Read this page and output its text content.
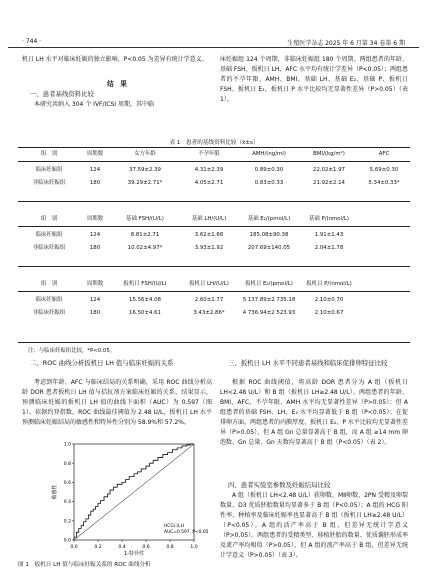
· 744 ·	生殖医学杂志 2025 年 6 月第 34 卷第 6 期
机日 LH 水平对临床妊娠的独立影响，P<0.05 为差异有统计学意义。
结　果
一、患者基线资料比较
本研究共纳入 304 个 IVF/ICSI 周期，其中临
床妊娠组 124 个周期，非临床妊娠组 180 个周期。两组患者的年龄、基础 FSH、扳机日 LH、AFC 水平均有统计学差异（P<0.05）；两组患者的不孕年限、AMH、BMI、基础 LH、基础 E₂、基础 P、扳机日 FSH、扳机日 E₂、扳机日 P 水平比较均无显著性差异（P>0.05）（表 1）。
表 1　患者的基线资料比较（x̄±s）
组　别	周期数	女方年龄	不孕年限	AMH/(ng/ml)	BMI/(kg/m²)	AFC
临床妊娠组	124	37.59±2.39	4.31±2.39	0.89±0.30	22.02±1.97	5.69±0.30
非临床妊娠组	180	39.29±2.71*	4.05±2.71	0.83±0.33	21.92±2.14	5.34±0.33*
组　别	周期数	基础 FSH/(U/L)	基础 LH/(U/L)	基础 E₂/(pmol/L)	基础 P/(nmol/L)
临床妊娠组	124	8.81±2.71	3.62±1.66	185.08±90.38	1.91±1.43
非临床妊娠组	180	10.02±4.97*	3.93±1.92	207.69±140.05	2.04±1.78
组　别	周期数	扳机日 FSH/(U/L)	扳机日 LH/(U/L)	扳机日 E₂/(pmol/L)	扳机日 P/(nmol/L)
临床妊娠组	124	15.56±4.08	2.60±1.77	5 137.89±2 735.18	2.10±0.70
非临床妊娠组	180	16.50±4.61	3.43±2.86*	4 736.94±2 523.93	2.10±0.67
注：与临床妊娠组比较，*P<0.05。
二、ROC 曲线分析扳机日 LH 值与临床妊娠的关系
考虑到年龄、AFC 与临床结局的关系明确，采用 ROC 曲线分析高龄 DOR 患者扳机日 LH 值与拮抗剂方案临床妊娠的关系，结果显示，预测临床妊娠的扳机日 LH 值的曲线下面积（AUC）为 0.597（图 1）。依据约登指数，ROC 曲线最佳阈值为 2.48 U/L，扳机日 LH 水平预测临床妊娠结局的敏感性和特异性分别为 58.9%和 57.2%。
0.0	0.2	0.4	0.6	0.8	1.0
0.0
0.2
0.4
0.6
0.8
1.0
1-特异性
敏感性
HCG日LH
AUC=0.597, P<0.05
图 1　扳机日 LH 值与临床妊娠关系的 ROC 曲线分析
三、扳机日 LH 水平不同患者基线和临床促排卵特征比较
根据 ROC 曲线阈值，将高龄 DOR 患者分为 A 组（扳机日 LH<2.48 U/L）和 B 组（扳机日 LH≥2.48 U/L）。两组患者的年龄、BMI、AFC、不孕年限、AMH 水平均无显著性差异（P>0.05）；但 A 组患者的基础 FSH、LH、E₂ 水平均显著低于 B 组（P<0.05）；在促排卵方面，两组患者的内膜厚度、扳机日 E₂、P 水平比较均无显著性差异（P>0.05），但 A 组 Gn 总量显著高于 B 组，而 A 组 ≥14 mm 卵泡数、Gn 总量、Gn 天数均显著高于 B 组（P<0.05）（表 2）。
四、患者实验室参数及妊娠结局比较
A 组（扳机日 LH<2.48 U/L）获卵数、MⅡ卵数、2PN 受精及卵裂数量、D3 优质胚胎数量均显著多于 B 组（P<0.05）；A 组的 HCG 阳性率、种植率及临床妊娠率也显著高于 B 组（扳机日 LH≥2.48 U/L）（P<0.05）。A 组的活产率高于 B 组，但差异无统计学意义（P>0.05）。两组患者的受精类型、移植胚胎的数量、优质囊胚形成率及流产率均相似（P>0.05），但 A 组的流产率高于 B 组，但差异无统计学意义（P>0.05）（表 3）。
